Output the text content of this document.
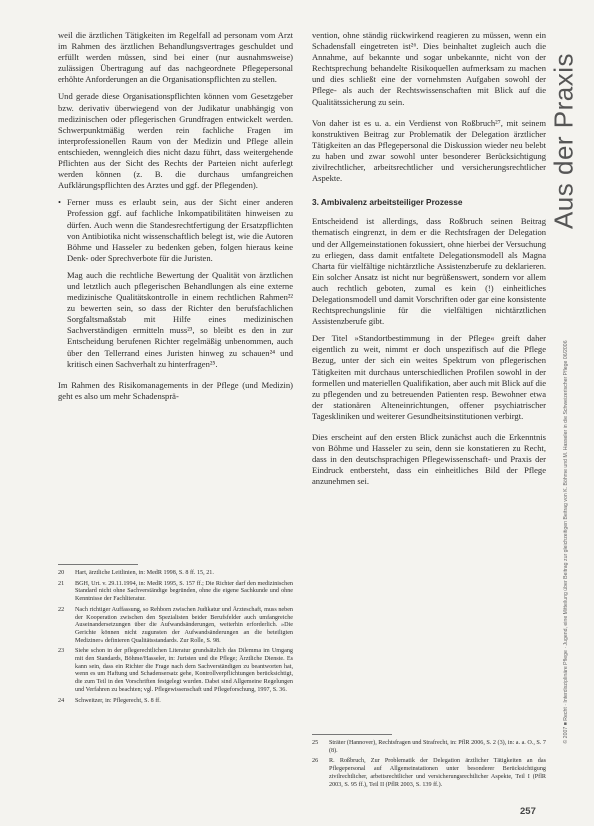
weil die ärztlichen Tätigkeiten im Regelfall ad personam vom Arzt im Rahmen des ärztlichen Behandlungsvertrages geschuldet und erfüllt werden müssen, sind bei einer (nur ausnahmsweise) zulässigen Übertragung auf das nachgeordnete Pflegepersonal erhöhte Anforderungen an die Organisationspflichten zu stellen.

Und gerade diese Organisationspflichten können vom Gesetzgeber bzw. derivativ überwiegend von der Judikatur unabhängig von medizinischen oder pflegerischen Grundfragen entwickelt werden. Schwerpunktmäßig werden rein fachliche Fragen im interprofessionellen Raum von der Medizin und Pflege allein entschieden, wenngleich dies nicht dazu führt, dass weitergehende Pflichten aus der Sicht des Rechts der Parteien nicht auferlegt werden können (z. B. die durchaus umfangreichen Aufklärungspflichten des Arztes und ggf. der Pflegenden).

• Ferner muss es erlaubt sein, aus der Sicht einer anderen Profession ggf. auf fachliche Inkompatibilitäten hinweisen zu dürfen. Auch wenn die Standesrechtfertigung der Ersatzpflichten von Antibiotika nicht wissenschaftlich belegt ist, wie die Autoren Böhme und Hasseler zu bedenken geben, folgen hieraus keine Denk- oder Sprechverbote für die Juristen.

Mag auch die rechtliche Bewertung der Qualität von ärztlichen und letztlich auch pflegerischen Behandlungen als eine externe medizinische Qualitätskontrolle in einem rechtlichen Rahmen²² zu bewerten sein, so dass der Richter den berufsfachlichen Sorgfaltsmaßstab mit Hilfe eines medizinischen Sachverständigen ermitteln muss²³, so bleibt es den in zur Entscheidung berufenen Richter regelmäßig unbenommen, auch über den Tellerrand eines Juristen hinweg zu schauen²⁴ und kritisch einen Sachverhalt zu hinterfragen²⁵.

Im Rahmen des Risikomanagements in der Pflege (und Medizin) geht es also um mehr Schadensprä-

vention, ohne ständig rückwirkend reagieren zu müssen, wenn ein Schadensfall eingetreten ist²⁶. Dies beinhaltet zugleich auch die Annahme, auf bekannte und sogar unbekannte, nicht von der Rechtsprechung behandelte Risikoquellen aufmerksam zu machen und dies schließt eine der vornehmsten Aufgaben sowohl der Pflege- als auch der Rechtswissenschaften mit Blick auf die Qualitätssicherung zu sein.

Von daher ist es u. a. ein Verdienst von Roßbruch²⁷, mit seinem konstruktiven Beitrag zur Problematik der Delegation ärztlicher Tätigkeiten an das Pflegepersonal die Diskussion wieder neu belebt zu haben und zwar sowohl unter besonderer Berücksichtigung zivilrechtlicher, arbeitsrechtlicher und versicherungsrechtlicher Aspekte.

3. Ambivalenz arbeitsteiliger Prozesse

Entscheidend ist allerdings, dass Roßbruch seinen Beitrag thematisch eingrenzt, in dem er die Rechtsfragen der Delegation und der Allgemeinstationen fokussiert, ohne hierbei der Versuchung zu erliegen, dass damit entfaltete Delegationsmodell als Magna Charta für vielfältige nichtärztliche Assistenzberufe zu deklarieren. Ein solcher Ansatz ist nicht nur begrüßenswert, sondern vor allem auch rechtlich geboten, zumal es kein (!) einheitliches Delegationsmodell und damit Vorschriften oder gar eine konsistente Rechtsprechungslinie für die vielfältigen nichtärztlichen Assistenzberufe gibt.

Der Titel »Standortbestimmung in der Pflege« greift daher eigentlich zu weit, nimmt er doch unspezifisch auf die Pflege Bezug, unter der sich ein weites Spektrum von pflegerischen Tätigkeiten mit durchaus unterschiedlichen Profilen sowohl in der formellen und materiellen Qualifikation, aber auch mit Blick auf die zu pflegenden und zu betreuenden Patienten resp. Bewohner etwa der stationären Alteneinrichtungen, offener psychiatrischer Tageskliniken und weiterer Gesundheitsinstitutionen verbirgt.

Dies erscheint auf den ersten Blick zunächst auch die Erkenntnis von Böhme und Hasseler zu sein, denn sie konstatieren zu Recht, dass in den deutschsprachigen Pflegewissenschaft- und Praxis der Eindruck entbersteht, dass ein einheitliches Bild der Pflege anzunehmen sei.

20	Hart, ärztliche Leitlinien, in: MedR 1998, S. 8 ff. 15, 21.
21	BGH, Urt. v. 29.11.1994, in: MedR 1995, S. 157 ff.; Die Richter darf den medizinischen Standard nicht ohne Sachverständige begründen, ohne die eigene Sachkunde und ohne Kenntnisse der Fachliteratur.
22	Nach richtiger Auffassung, so Rehborn zwischen Judikatur und Ärzteschaft, muss neben der Kooperation zwischen den Spezialisten beider Berufsfelder auch umfangreiche Auseinandersetzungen über die Aufwandsänderungen, weiterhin erforderlich. »Die Gerichte können nicht zugunsten der Aufwandsänderungen an die beteiligten Mediziner« definieren Qualitätsstandards. Zur Rolle, S. 98.
23	Siehe schon in der pflegerechtlichen Literatur grundsätzlich das Dilemma im Umgang mit den Standards, Böhme/Hasseler, in: Juristen und die Pflege; Ärztliche Dienste. Es kann sein, dass ein Richter die Frage nach dem Sachverständigen zu beantworten hat, wenn es um Haftung und Schadensersatz gehe, Kontrollverpflichtungen berücksichtigt, die zum Teil in den Vorschriften festgelegt wurden. Dabei sind Allgemeine Regelungen und Verfahren zu beachten; vgl. Pflegewissenschaft und Pflegeforschung, 1997, S. 36.
24	Schweitzer, in: Pflegerecht, S. 8 ff.
25	Sträter (Hannover), Rechtsfragen und Strafrecht, in: PflR 2006, S. 2 (3), in: a. a. O., S. 7 (8).
26	R. Roßbruch, Zur Problematik der Delegation ärztlicher Tätigkeiten an das Pflegepersonal auf Allgemeinstationen unter besonderer Berücksichtigung zivilrechtlicher, arbeitsrechtlicher und versicherungsrechtlicher Aspekte, Teil I (PflR 2003, S. 95 ff.), Teil II (PflR 2003, S. 139 ff.).
Aus der Praxis
© 2007 ■ Recht · Interdisziplinäre Pflege · Jugend, eine Mitteilung über Beitrag zur gleichzeitigen Beitrag von K. Böhme und M. Hasseler in die Schweizerischer Pflege 06/2006
257
